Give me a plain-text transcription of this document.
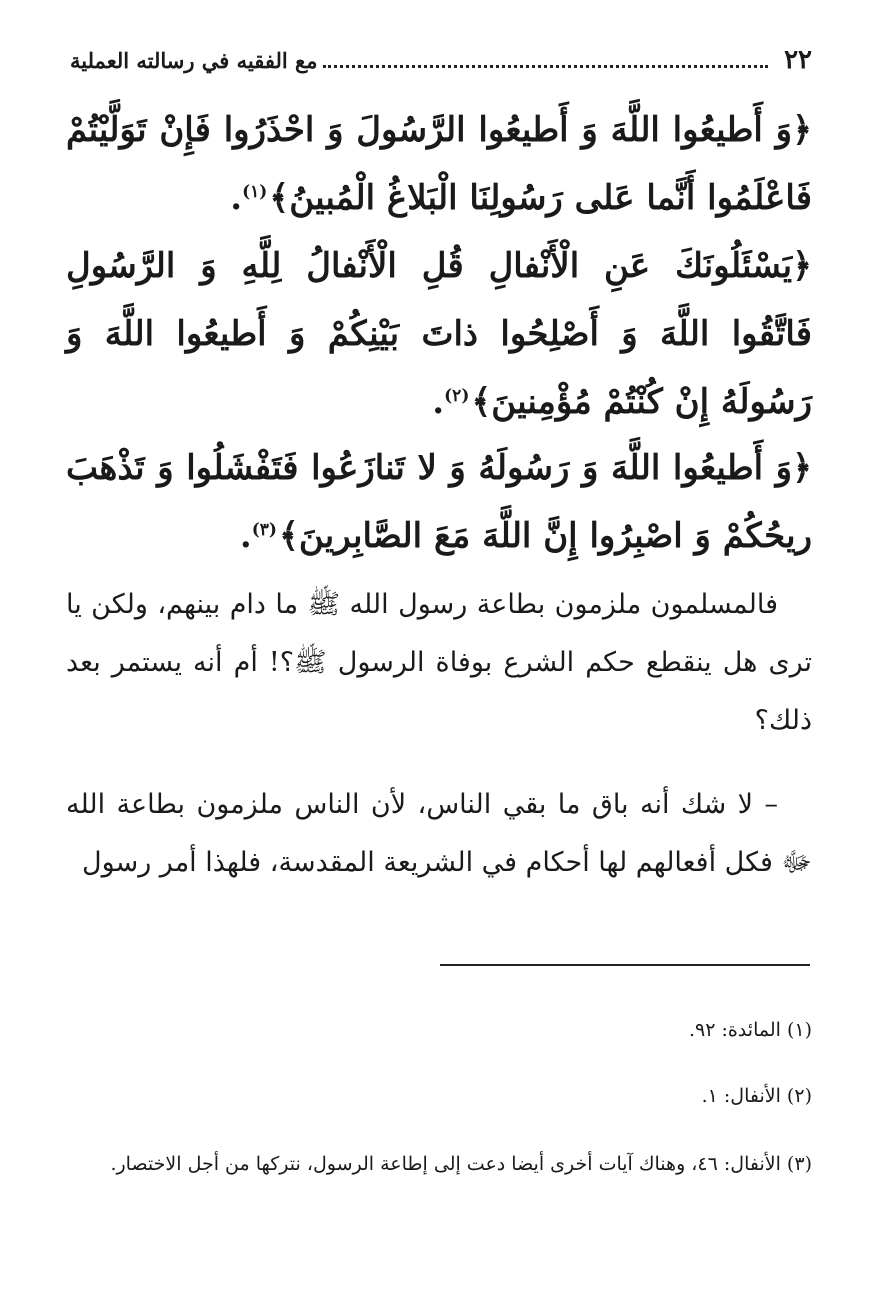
٢٢
مع الفقيه في رسالته العملية
﴿وَ أَطيعُوا اللَّهَ وَ أَطيعُوا الرَّسُولَ وَ احْذَرُوا فَإِنْ تَوَلَّيْتُمْ فَاعْلَمُوا أَنَّما عَلى رَسُولِنَا الْبَلاغُ الْمُبينُ﴾$^{(١)}$.
﴿يَسْئَلُونَكَ عَنِ الْأَنْفالِ قُلِ الْأَنْفالُ لِلَّهِ وَ الرَّسُولِ فَاتَّقُوا اللَّهَ وَ أَصْلِحُوا ذاتَ بَيْنِكُمْ وَ أَطيعُوا اللَّهَ وَ رَسُولَهُ إِنْ كُنْتُمْ مُؤْمِنينَ﴾$^{(٢)}$.
﴿وَ أَطيعُوا اللَّهَ وَ رَسُولَهُ وَ لا تَنازَعُوا فَتَفْشَلُوا وَ تَذْهَبَ ريحُكُمْ وَ اصْبِرُوا إِنَّ اللَّهَ مَعَ الصَّابِرينَ﴾$^{(٣)}$.
فالمسلمون ملزمون بطاعة رسول الله ﷺ ما دام بينهم، ولكن يا ترى هل ينقطع حكم الشرع بوفاة الرسول ﷺ؟! أم أنه يستمر بعد ذلك؟
– لا شك أنه باق ما بقي الناس، لأن الناس ملزمون بطاعة الله ﷻ فكل أفعالهم لها أحكام في الشريعة المقدسة، فلهذا أمر رسول
(١) المائدة: ٩٢.
(٢) الأنفال: ١.
(٣) الأنفال: ٤٦، وهناك آيات أخرى أيضا دعت إلى إطاعة الرسول، نتركها من أجل الاختصار.
